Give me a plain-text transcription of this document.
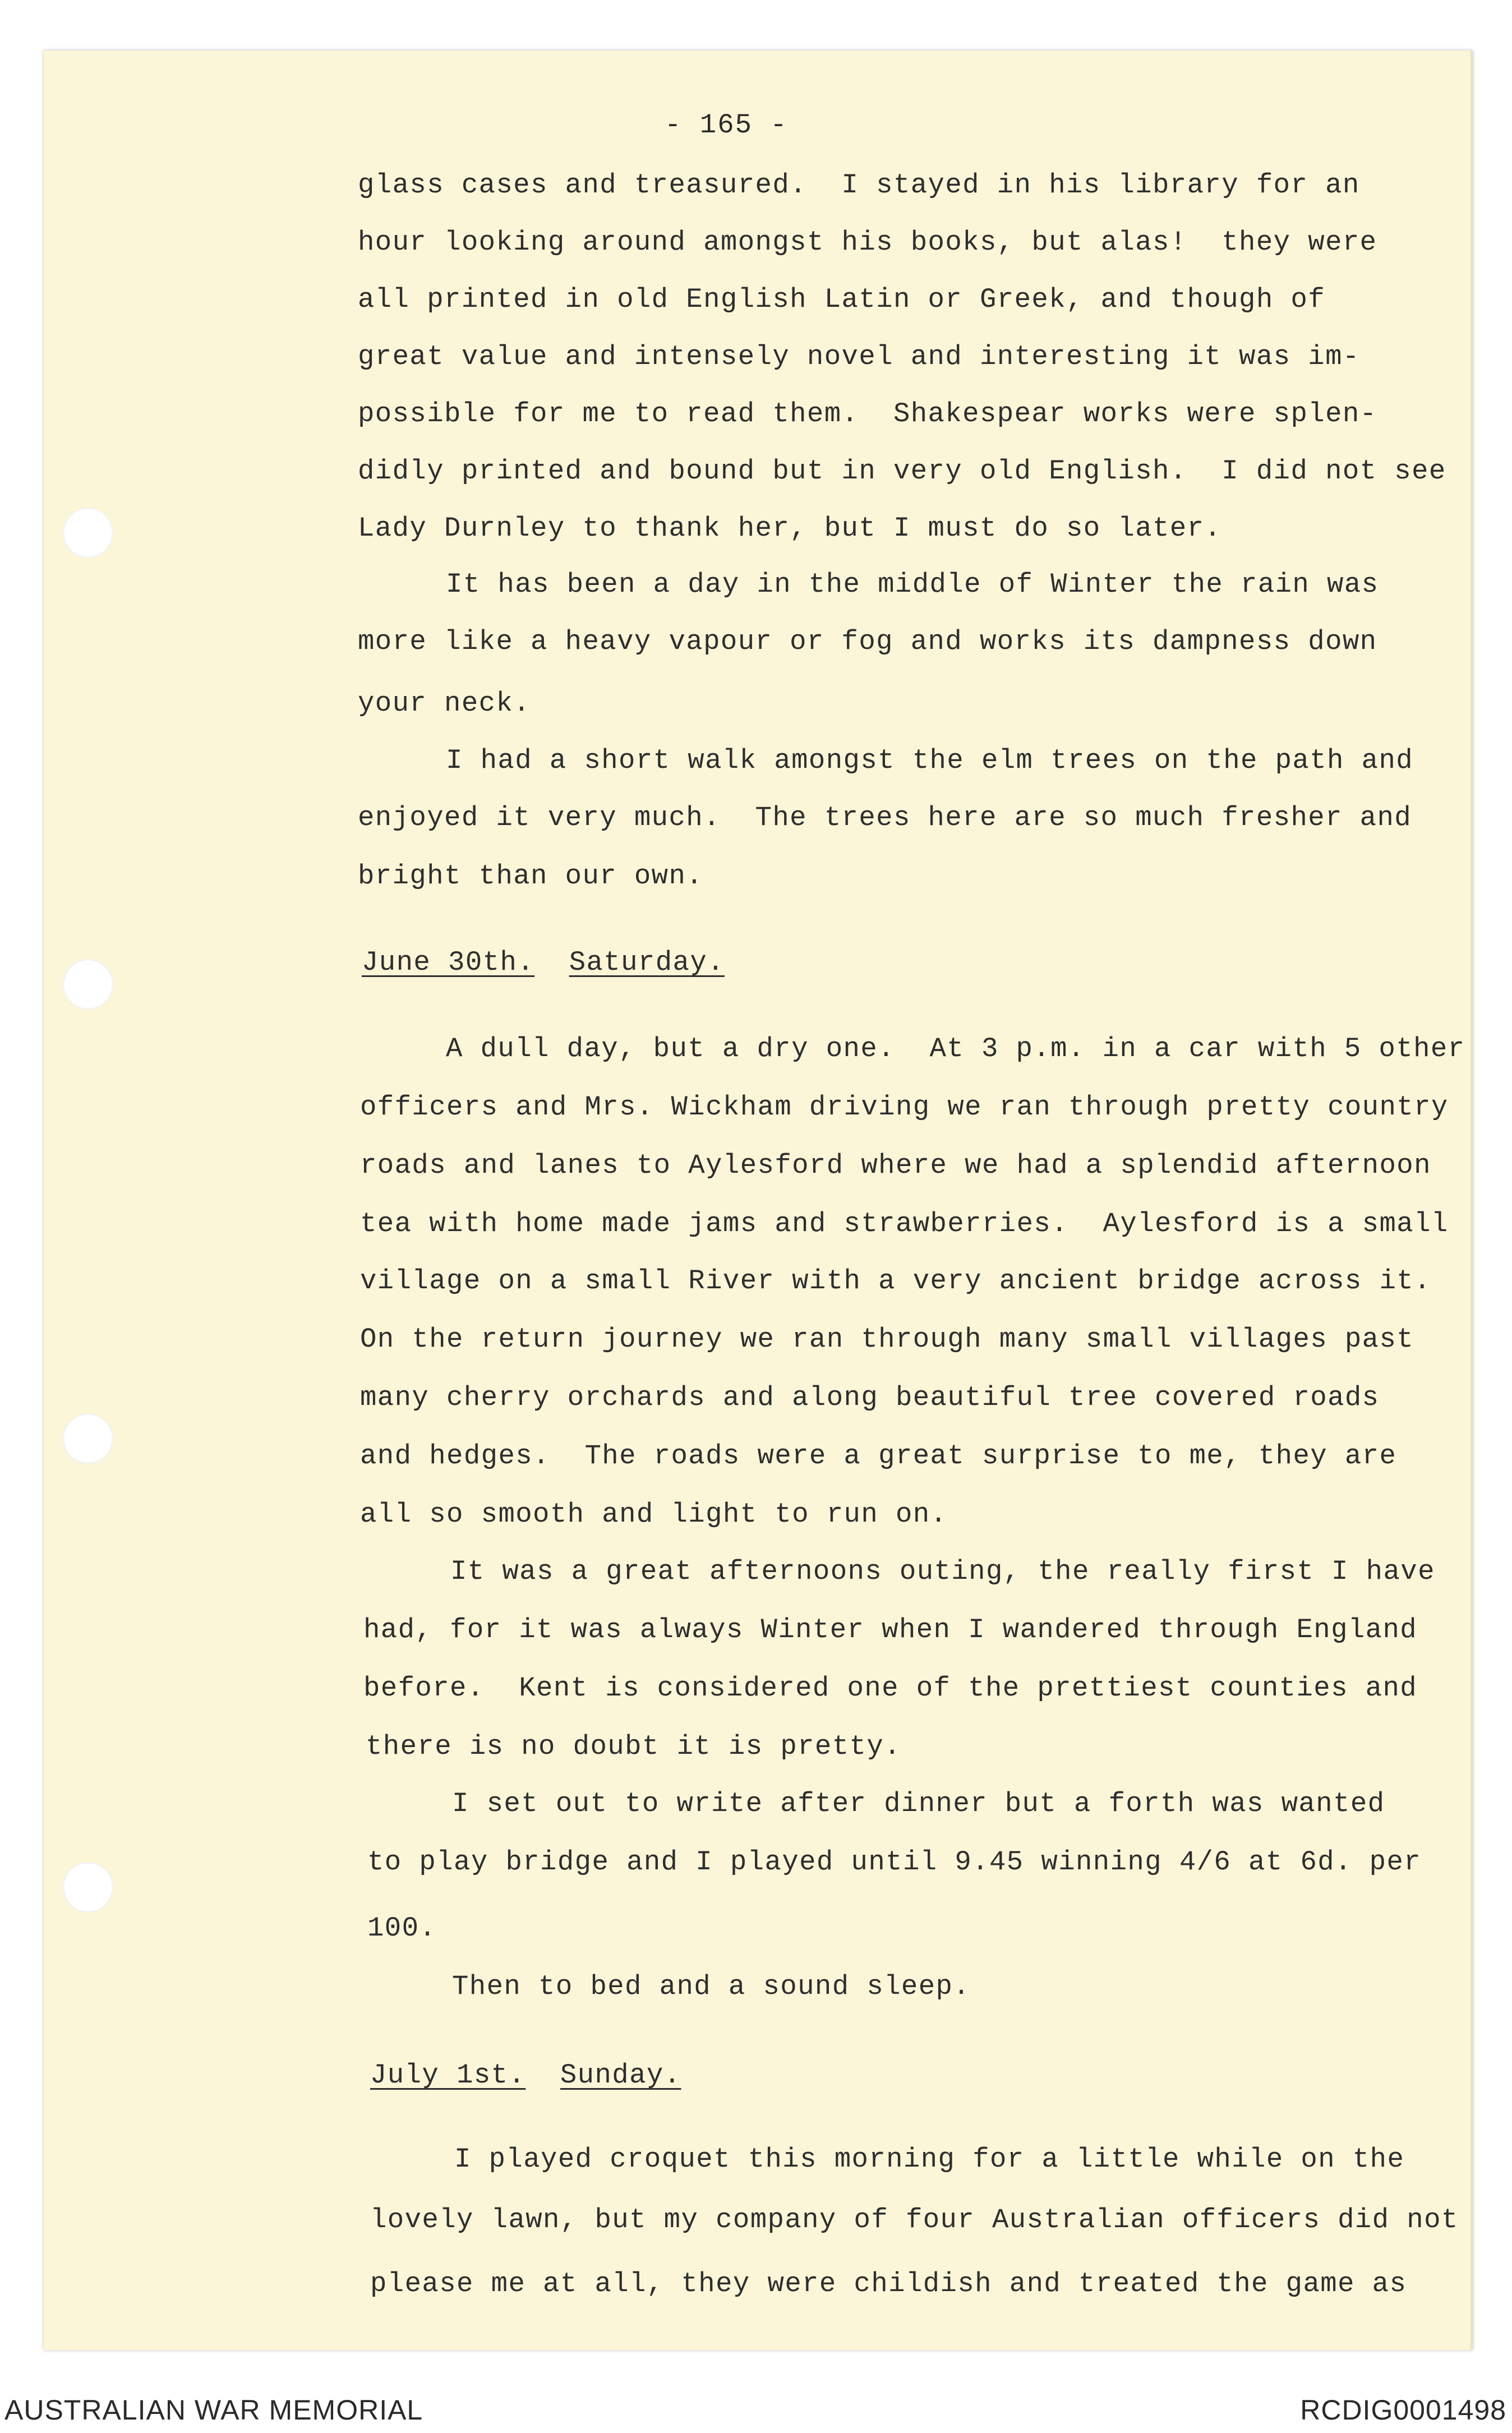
- 165 -
glass cases and treasured.  I stayed in his library for an
hour looking around amongst his books, but alas!  they were
all printed in old English Latin or Greek, and though of
great value and intensely novel and interesting it was im-
possible for me to read them.  Shakespear works were splen-
didly printed and bound but in very old English.  I did not see
Lady Durnley to thank her, but I must do so later.
It has been a day in the middle of Winter the rain was
more like a heavy vapour or fog and works its dampness down
your neck.
I had a short walk amongst the elm trees on the path and
enjoyed it very much.  The trees here are so much fresher and
bright than our own.
June 30th. Saturday.
A dull day, but a dry one.  At 3 p.m. in a car with 5 other
officers and Mrs. Wickham driving we ran through pretty country
roads and lanes to Aylesford where we had a splendid afternoon
tea with home made jams and strawberries.  Aylesford is a small
village on a small River with a very ancient bridge across it.
On the return journey we ran through many small villages past
many cherry orchards and along beautiful tree covered roads
and hedges.  The roads were a great surprise to me, they are
all so smooth and light to run on.
It was a great afternoons outing, the really first I have
had, for it was always Winter when I wandered through England
before.  Kent is considered one of the prettiest counties and
there is no doubt it is pretty.
I set out to write after dinner but a forth was wanted
to play bridge and I played until 9.45 winning 4/6 at 6d. per
100.
Then to bed and a sound sleep.
July 1st. Sunday.
I played croquet this morning for a little while on the
lovely lawn, but my company of four Australian officers did not
please me at all, they were childish and treated the game as
AUSTRALIAN WAR MEMORIAL	RCDIG0001498
